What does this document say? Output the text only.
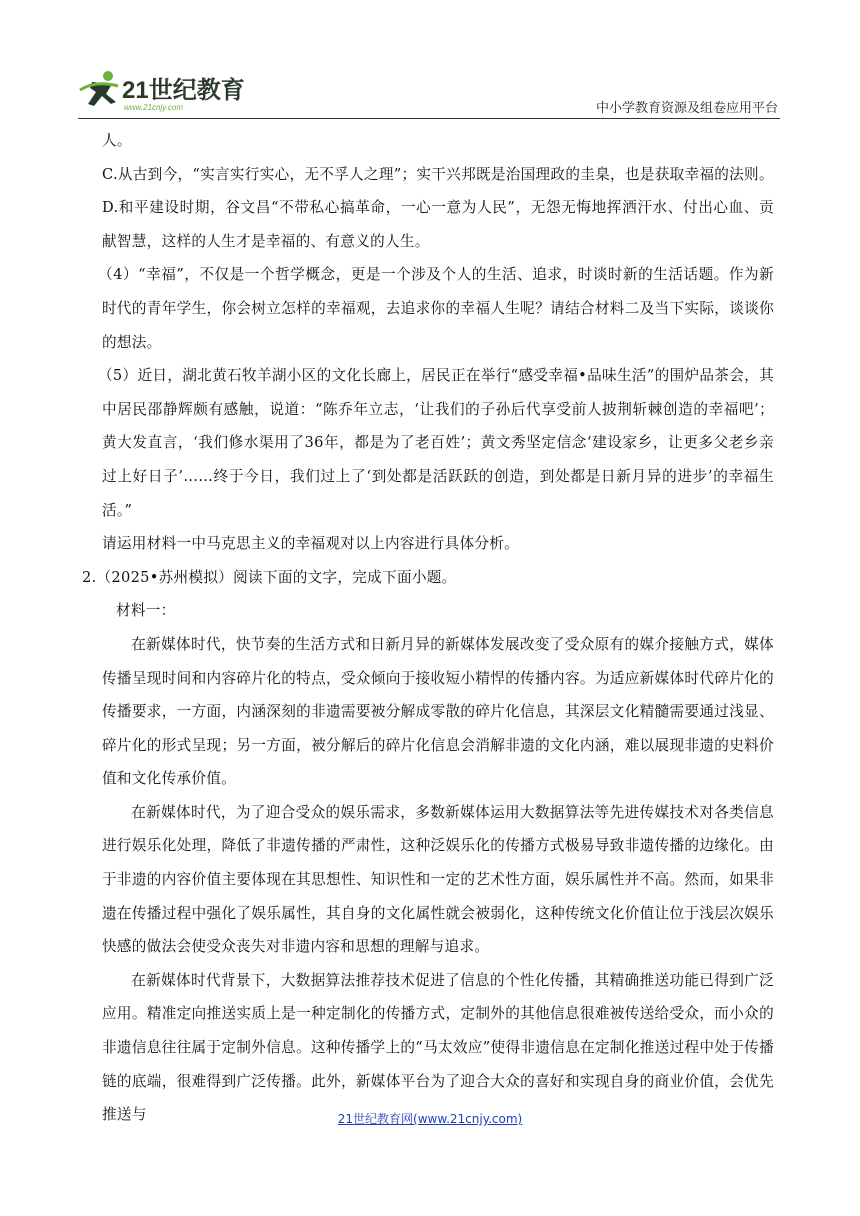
21世纪教育
www.21cnjy.com	中小学教育资源及组卷应用平台

人。

C.从古到今，“实言实行实心，无不孚人之理”；实干兴邦既是治国理政的圭臬，也是获取幸福的法则。

D.和平建设时期，谷文昌“不带私心搞革命，一心一意为人民”，无怨无悔地挥洒汗水、付出心血、贡献智慧，这样的人生才是幸福的、有意义的人生。

（4）“幸福”，不仅是一个哲学概念，更是一个涉及个人的生活、追求，时谈时新的生活话题。作为新时代的青年学生，你会树立怎样的幸福观，去追求你的幸福人生呢？请结合材料二及当下实际，谈谈你的想法。

（5）近日，湖北黄石牧羊湖小区的文化长廊上，居民正在举行“感受幸福•品味生活”的围炉品茶会，其中居民邵静辉颇有感触，说道：“陈乔年立志，‘让我们的子孙后代享受前人披荆斩棘创造的幸福吧’；黄大发直言，‘我们修水渠用了36年，都是为了老百姓’；黄文秀坚定信念‘建设家乡，让更多父老乡亲过上好日子’……终于今日，我们过上了‘到处都是活跃跃的创造，到处都是日新月异的进步’的幸福生活。”

请运用材料一中马克思主义的幸福观对以上内容进行具体分析。

2.（2025•苏州模拟）阅读下面的文字，完成下面小题。

材料一：

在新媒体时代，快节奏的生活方式和日新月异的新媒体发展改变了受众原有的媒介接触方式，媒体传播呈现时间和内容碎片化的特点，受众倾向于接收短小精悍的传播内容。为适应新媒体时代碎片化的传播要求，一方面，内涵深刻的非遗需要被分解成零散的碎片化信息，其深层文化精髓需要通过浅显、碎片化的形式呈现；另一方面，被分解后的碎片化信息会消解非遗的文化内涵，难以展现非遗的史料价值和文化传承价值。

在新媒体时代，为了迎合受众的娱乐需求，多数新媒体运用大数据算法等先进传媒技术对各类信息进行娱乐化处理，降低了非遗传播的严肃性，这种泛娱乐化的传播方式极易导致非遗传播的边缘化。由于非遗的内容价值主要体现在其思想性、知识性和一定的艺术性方面，娱乐属性并不高。然而，如果非遗在传播过程中强化了娱乐属性，其自身的文化属性就会被弱化，这种传统文化价值让位于浅层次娱乐快感的做法会使受众丧失对非遗内容和思想的理解与追求。

在新媒体时代背景下，大数据算法推荐技术促进了信息的个性化传播，其精确推送功能已得到广泛应用。精准定向推送实质上是一种定制化的传播方式，定制外的其他信息很难被传送给受众，而小众的非遗信息往往属于定制外信息。这种传播学上的“马太效应”使得非遗信息在定制化推送过程中处于传播链的底端，很难得到广泛传播。此外，新媒体平台为了迎合大众的喜好和实现自身的商业价值，会优先推送与	21世纪教育网(www.21cnjy.com)
